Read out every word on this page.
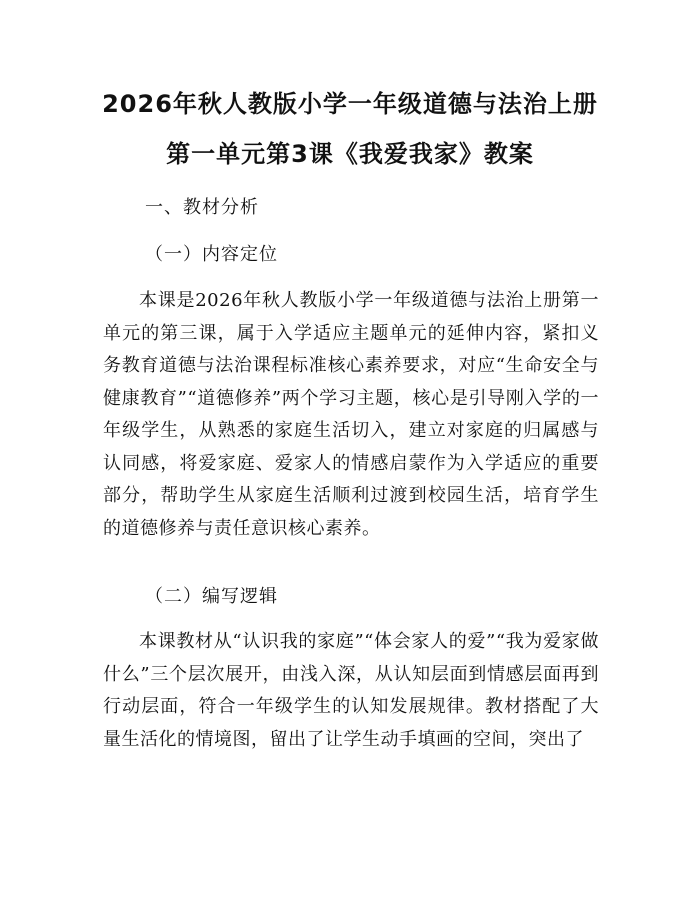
2026年秋人教版小学一年级道德与法治上册
第一单元第3课《我爱我家》教案

一、教材分析

（一）内容定位

本课是2026年秋人教版小学一年级道德与法治上册第一单元的第三课，属于入学适应主题单元的延伸内容，紧扣义务教育道德与法治课程标准核心素养要求，对应“生命安全与健康教育”“道德修养”两个学习主题，核心是引导刚入学的一年级学生，从熟悉的家庭生活切入，建立对家庭的归属感与认同感，将爱家庭、爱家人的情感启蒙作为入学适应的重要部分，帮助学生从家庭生活顺利过渡到校园生活，培育学生的道德修养与责任意识核心素养。

（二）编写逻辑

本课教材从“认识我的家庭”“体会家人的爱”“我为爱家做什么”三个层次展开，由浅入深，从认知层面到情感层面再到行动层面，符合一年级学生的认知发展规律。教材搭配了大量生活化的情境图，留出了让学生动手填画的空间，突出了
